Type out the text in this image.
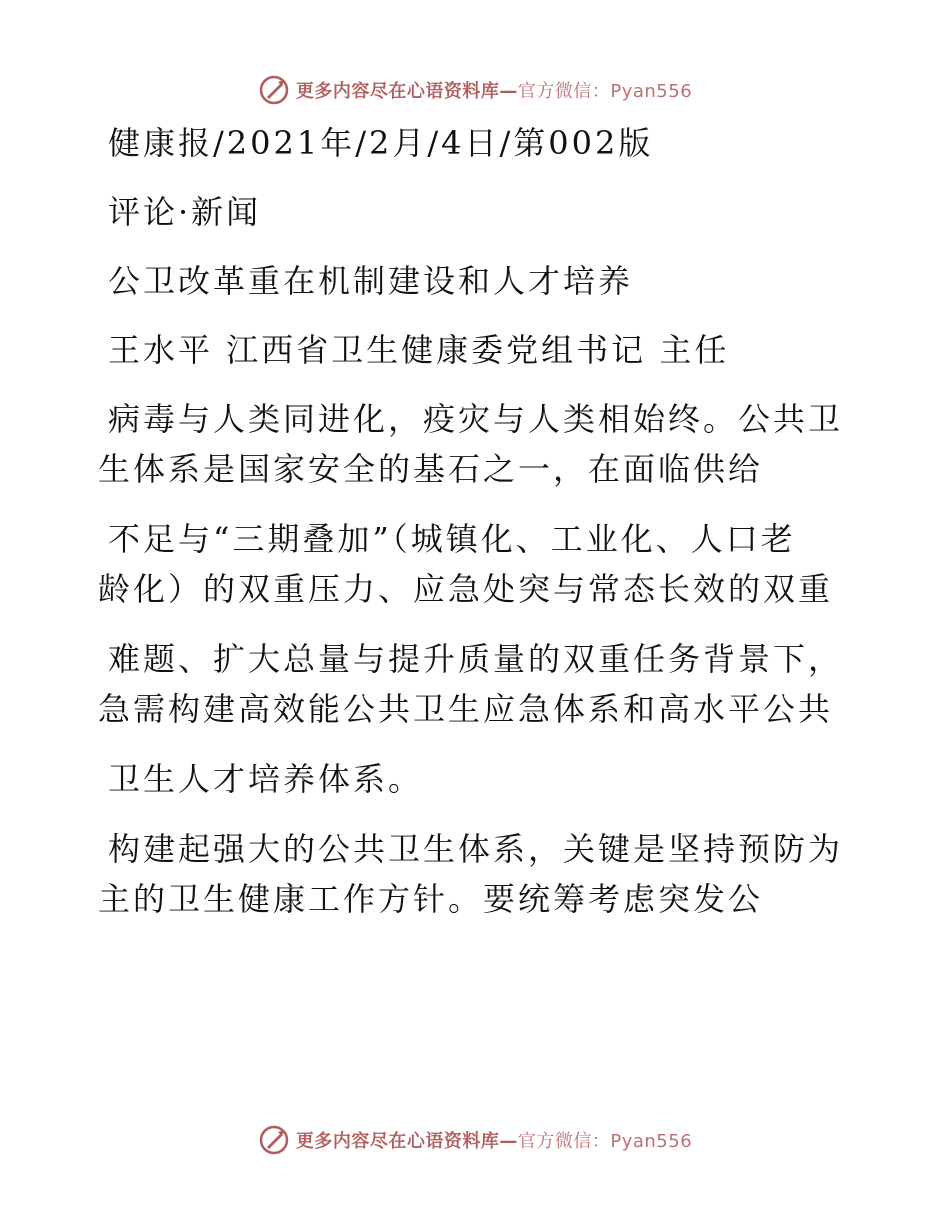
更多内容尽在心语资料库—官方微信：Pyan556
健康报/2021年/2月/4日/第002版
评论·新闻
公卫改革重在机制建设和人才培养
王水平 江西省卫生健康委党组书记 主任
病毒与人类同进化，疫灾与人类相始终。公共卫
生体系是国家安全的基石之一，在面临供给
不足与“三期叠加”（城镇化、工业化、人口老
龄化）的双重压力、应急处突与常态长效的双重
难题、扩大总量与提升质量的双重任务背景下，
急需构建高效能公共卫生应急体系和高水平公共
卫生人才培养体系。
构建起强大的公共卫生体系，关键是坚持预防为
主的卫生健康工作方针。要统筹考虑突发公
更多内容尽在心语资料库—官方微信：Pyan556
